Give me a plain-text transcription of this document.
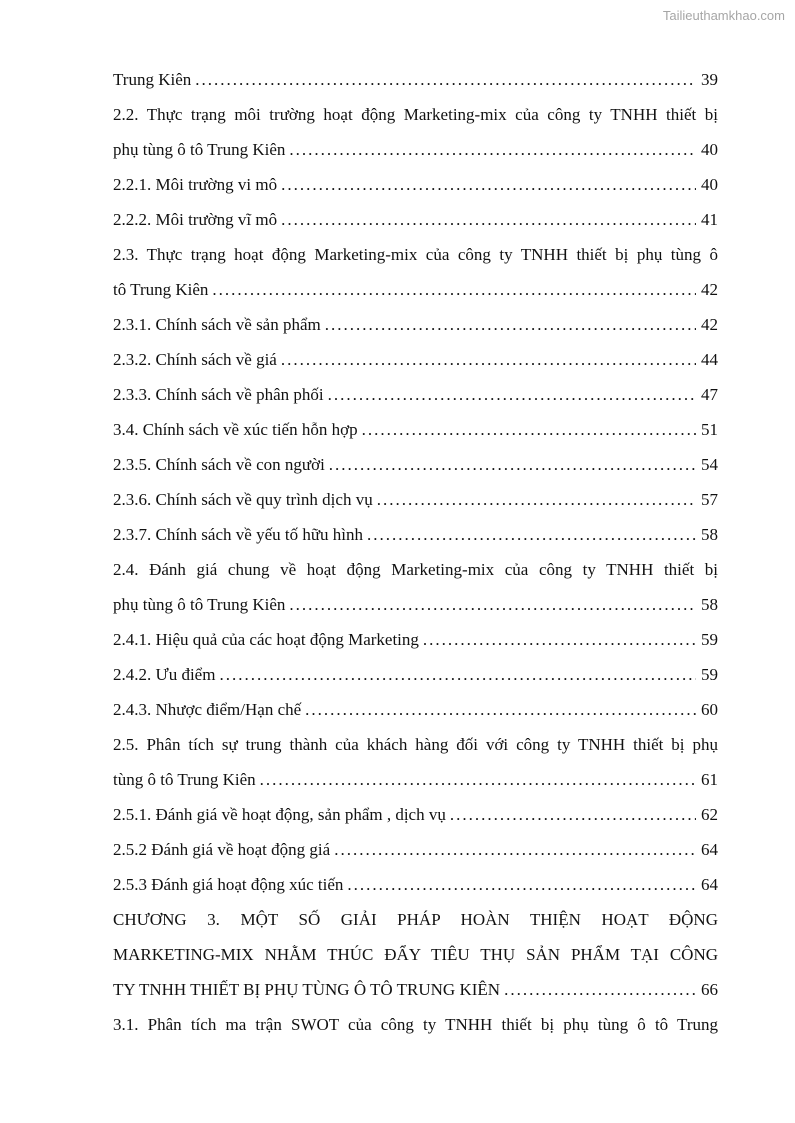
Tailieuthamkhao.com
Trung Kiên .....	39
2.2. Thực trạng môi trường hoạt động Marketing-mix của công ty TNHH thiết bị
phụ tùng ô tô Trung Kiên .....	40
2.2.1. Môi trường vi mô .....	40
2.2.2. Môi trường vĩ mô .....	41
2.3. Thực trạng hoạt động Marketing-mix của công ty TNHH thiết bị phụ tùng ô
tô Trung Kiên .....	42
2.3.1. Chính sách về sản phẩm .....	42
2.3.2. Chính sách về giá .....	44
2.3.3. Chính sách về phân phối .....	47
3.4. Chính sách về xúc tiến hỗn hợp .....	51
2.3.5. Chính sách về con người .....	54
2.3.6. Chính sách về quy trình dịch vụ .....	57
2.3.7. Chính sách về yếu tố hữu hình .....	58
2.4. Đánh giá chung về hoạt động Marketing-mix của công ty TNHH thiết bị
phụ tùng ô tô Trung Kiên .....	58
2.4.1. Hiệu quả của các hoạt động Marketing .....	59
2.4.2. Ưu điểm .....	59
2.4.3. Nhược điểm/Hạn chế .....	60
2.5. Phân tích sự trung thành của khách hàng đối với công ty TNHH thiết bị phụ
tùng ô tô Trung Kiên .....	61
2.5.1. Đánh giá về hoạt động, sản phẩm , dịch vụ .....	62
2.5.2 Đánh giá về hoạt động giá .....	64
2.5.3 Đánh giá hoạt động xúc tiến .....	64
CHƯƠNG 3. MỘT SỐ GIẢI PHÁP HOÀN THIỆN HOẠT ĐỘNG
MARKETING-MIX NHẰM THÚC ĐẨY TIÊU THỤ SẢN PHẨM TẠI CÔNG
TY TNHH THIẾT BỊ PHỤ TÙNG Ô TÔ TRUNG KIÊN .....	66
3.1. Phân tích ma trận SWOT của công ty TNHH thiết bị phụ tùng ô tô Trung
